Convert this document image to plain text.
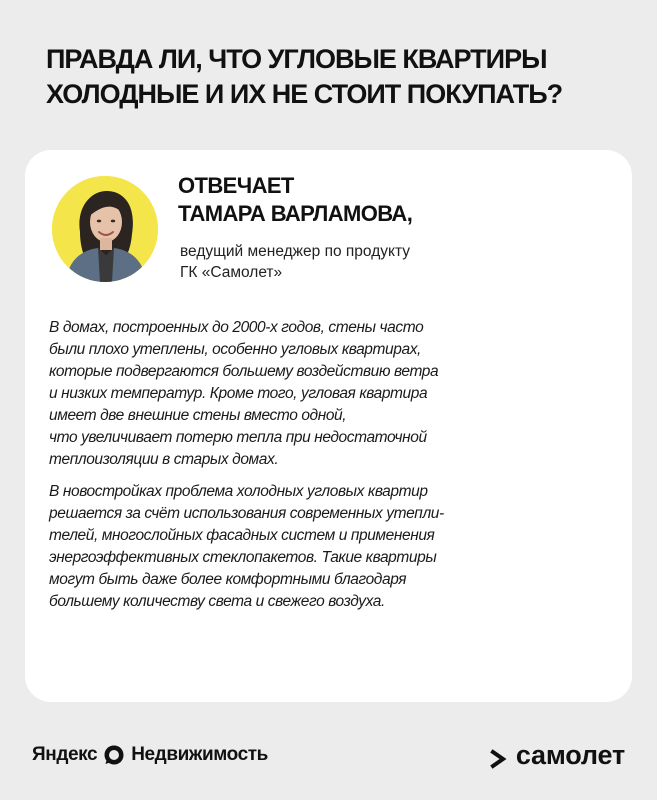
ПРАВДА ЛИ, ЧТО УГЛОВЫЕ КВАРТИРЫ
ХОЛОДНЫЕ И ИХ НЕ СТОИТ ПОКУПАТЬ?
ОТВЕЧАЕТ
ТАМАРА ВАРЛАМОВА,
ведущий менеджер по продукту
ГК «Самолет»

В домах, построенных до 2000-х годов, стены часто
были плохо утеплены, особенно угловых квартирах,
которые подвергаются большему воздействию ветра
и низких температур. Кроме того, угловая квартира
имеет две внешние стены вместо одной,
что увеличивает потерю тепла при недостаточной
теплоизоляции в старых домах.

В новостройках проблема холодных угловых квартир
решается за счёт использования современных утепли-
телей, многослойных фасадных систем и применения
энергоэффективных стеклопакетов. Такие квартиры
могут быть даже более комфортными благодаря
большему количеству света и свежего воздуха.

Яндекс Недвижимость	самолет
